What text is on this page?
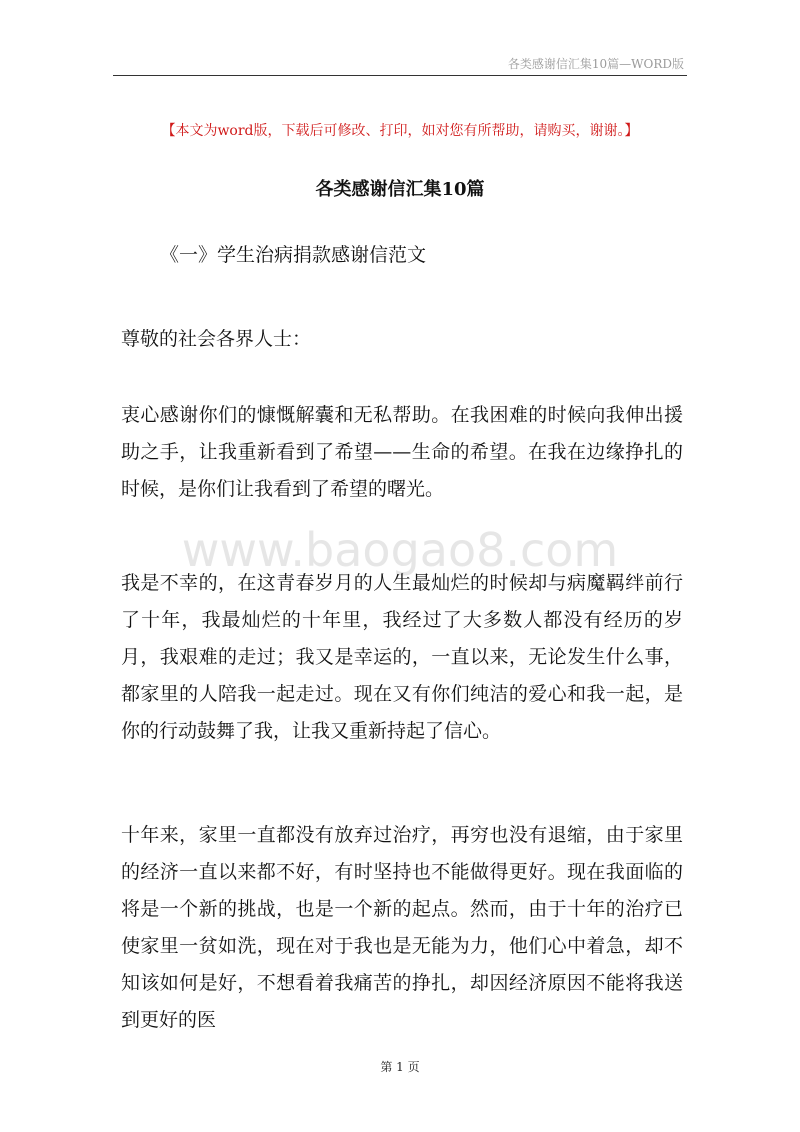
各类感谢信汇集10篇—WORD版
【本文为word版，下载后可修改、打印，如对您有所帮助，请购买，谢谢。】
各类感谢信汇集10篇
《一》学生治病捐款感谢信范文

尊敬的社会各界人士：

www.baogao8.com

衷心感谢你们的慷慨解囊和无私帮助。在我困难的时候向我伸出援助之手，让我重新看到了希望——生命的希望。在我在边缘挣扎的时候，是你们让我看到了希望的曙光。

我是不幸的，在这青春岁月的人生最灿烂的时候却与病魔羁绊前行了十年，我最灿烂的十年里，我经过了大多数人都没有经历的岁月，我艰难的走过；我又是幸运的，一直以来，无论发生什么事，都家里的人陪我一起走过。现在又有你们纯洁的爱心和我一起，是你的行动鼓舞了我，让我又重新持起了信心。

十年来，家里一直都没有放弃过治疗，再穷也没有退缩，由于家里的经济一直以来都不好，有时坚持也不能做得更好。现在我面临的将是一个新的挑战，也是一个新的起点。然而，由于十年的治疗已使家里一贫如洗，现在对于我也是无能为力，他们心中着急，却不知该如何是好，不想看着我痛苦的挣扎，却因经济原因不能将我送到更好的医

第 1 页
